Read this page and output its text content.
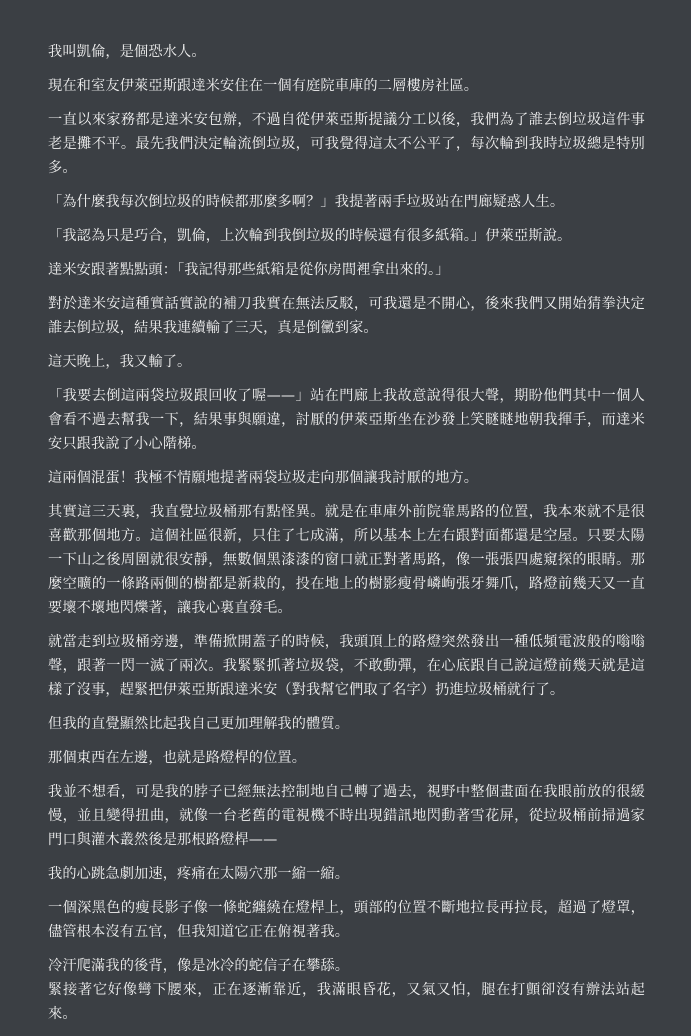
我叫凱倫，是個恐水人。

現在和室友伊萊亞斯跟達米安住在一個有庭院車庫的二層樓房社區。

一直以來家務都是達米安包辦，不過自從伊萊亞斯提議分工以後，我們為了誰去倒垃圾這件事老是攤不平。最先我們決定輪流倒垃圾，可我覺得這太不公平了，每次輪到我時垃圾總是特別多。

「為什麼我每次倒垃圾的時候都那麼多啊？」我提著兩手垃圾站在門廊疑惑人生。

「我認為只是巧合，凱倫，上次輪到我倒垃圾的時候還有很多紙箱。」伊萊亞斯說。

達米安跟著點點頭：「我記得那些紙箱是從你房間裡拿出來的。」

對於達米安這種實話實說的補刀我實在無法反駁，可我還是不開心，後來我們又開始猜拳決定誰去倒垃圾，結果我連續輸了三天，真是倒黴到家。

這天晚上，我又輸了。

「我要去倒這兩袋垃圾跟回收了喔——」站在門廊上我故意說得很大聲，期盼他們其中一個人會看不過去幫我一下，結果事與願違，討厭的伊萊亞斯坐在沙發上笑瞇瞇地朝我揮手，而達米安只跟我說了小心階梯。

這兩個混蛋！我極不情願地提著兩袋垃圾走向那個讓我討厭的地方。

其實這三天裏，我直覺垃圾桶那有點怪異。就是在車庫外前院靠馬路的位置，我本來就不是很喜歡那個地方。這個社區很新，只住了七成滿，所以基本上左右跟對面都還是空屋。只要太陽一下山之後周圍就很安靜，無數個黑漆漆的窗口就正對著馬路，像一張張四處窺探的眼睛。那麼空曠的一條路兩側的樹都是新栽的，投在地上的樹影瘦骨嶙峋張牙舞爪，路燈前幾天又一直要壞不壞地閃爍著，讓我心裏直發毛。

就當走到垃圾桶旁邊，準備掀開蓋子的時候，我頭頂上的路燈突然發出一種低頻電波般的嗡嗡聲，跟著一閃一滅了兩次。我緊緊抓著垃圾袋，不敢動彈，在心底跟自己說這燈前幾天就是這樣了沒事，趕緊把伊萊亞斯跟達米安（對我幫它們取了名字）扔進垃圾桶就行了。

但我的直覺顯然比起我自己更加理解我的體質。

那個東西在左邊，也就是路燈桿的位置。

我並不想看，可是我的脖子已經無法控制地自己轉了過去，視野中整個畫面在我眼前放的很緩慢，並且變得扭曲，就像一台老舊的電視機不時出現錯訊地閃動著雪花屏，從垃圾桶前掃過家門口與灌木叢然後是那根路燈桿——

我的心跳急劇加速，疼痛在太陽穴那一縮一縮。

一個深黑色的瘦長影子像一條蛇纏繞在燈桿上，頭部的位置不斷地拉長再拉長，超過了燈罩，儘管根本沒有五官，但我知道它正在俯視著我。

冷汗爬滿我的後背，像是冰冷的蛇信子在攀舔。

緊接著它好像彎下腰來，正在逐漸靠近，我滿眼昏花，又氣又怕，腿在打顫卻沒有辦法站起來。
